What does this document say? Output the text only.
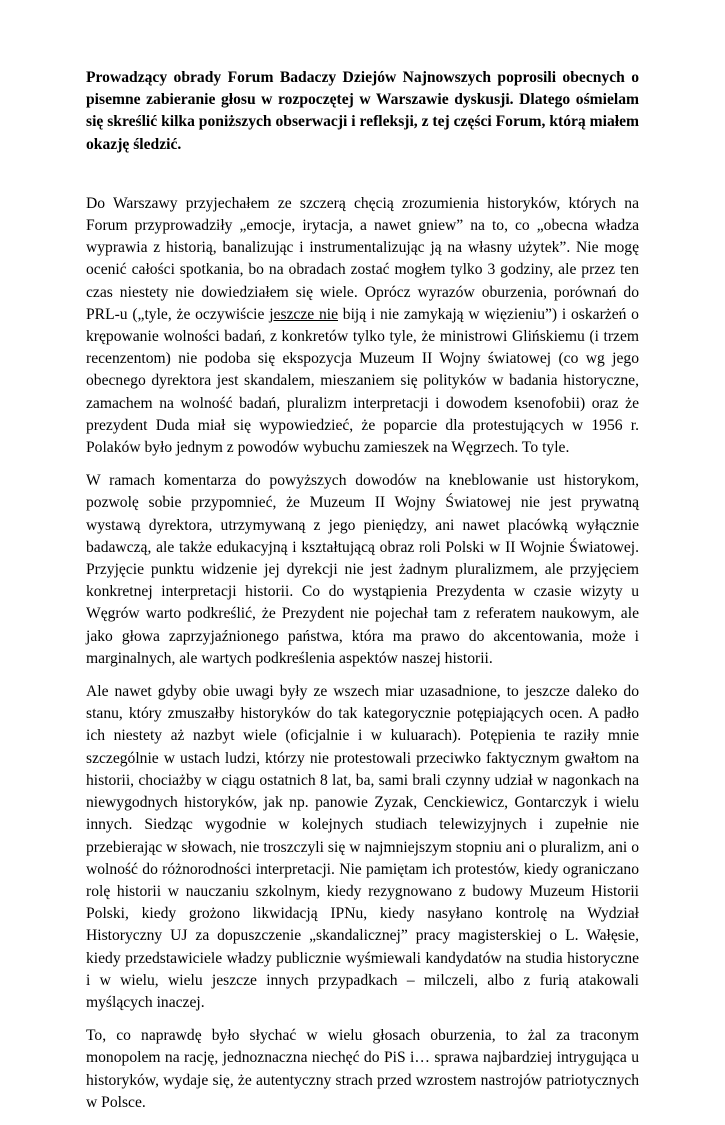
Prowadzący obrady Forum Badaczy Dziejów Najnowszych poprosili obecnych o pisemne zabieranie głosu w rozpoczętej w Warszawie dyskusji. Dlatego ośmielam się skreślić kilka poniższych obserwacji i refleksji, z tej części Forum, którą miałem okazję śledzić.

Do Warszawy przyjechałem ze szczerą chęcią zrozumienia historyków, których na Forum przyprowadziły „emocje, irytacja, a nawet gniew” na to, co „obecna władza wyprawia z historią, banalizując i instrumentalizując ją na własny użytek”. Nie mogę ocenić całości spotkania, bo na obradach zostać mogłem tylko 3 godziny, ale przez ten czas niestety nie dowiedziałem się wiele. Oprócz wyrazów oburzenia, porównań do PRL-u („tyle, że oczywiście jeszcze nie biją i nie zamykają w więzieniu”) i oskarżeń o krępowanie wolności badań, z konkretów tylko tyle, że ministrowi Glińskiemu (i trzem recenzentom) nie podoba się ekspozycja Muzeum II Wojny światowej (co wg jego obecnego dyrektora jest skandalem, mieszaniem się polityków w badania historyczne, zamachem na wolność badań, pluralizm interpretacji i dowodem ksenofobii) oraz że prezydent Duda miał się wypowiedzieć, że poparcie dla protestujących w 1956 r. Polaków było jednym z powodów wybuchu zamieszek na Węgrzech. To tyle.

W ramach komentarza do powyższych dowodów na kneblowanie ust historykom, pozwolę sobie przypomnieć, że Muzeum II Wojny Światowej nie jest prywatną wystawą dyrektora, utrzymywaną z jego pieniędzy, ani nawet placówką wyłącznie badawczą, ale także edukacyjną i kształtującą obraz roli Polski w II Wojnie Światowej. Przyjęcie punktu widzenie jej dyrekcji nie jest żadnym pluralizmem, ale przyjęciem konkretnej interpretacji historii. Co do wystąpienia Prezydenta w czasie wizyty u Węgrów warto podkreślić, że Prezydent nie pojechał tam z referatem naukowym, ale jako głowa zaprzyjaźnionego państwa, która ma prawo do akcentowania, może i marginalnych, ale wartych podkreślenia aspektów naszej historii.

Ale nawet gdyby obie uwagi były ze wszech miar uzasadnione, to jeszcze daleko do stanu, który zmuszałby historyków do tak kategorycznie potępiających ocen. A padło ich niestety aż nazbyt wiele (oficjalnie i w kuluarach). Potępienia te raziły mnie szczególnie w ustach ludzi, którzy nie protestowali przeciwko faktycznym gwałtom na historii, chociażby w ciągu ostatnich 8 lat, ba, sami brali czynny udział w nagonkach na niewygodnych historyków, jak np. panowie Zyzak, Cenckiewicz, Gontarczyk i wielu innych. Siedząc wygodnie w kolejnych studiach telewizyjnych i zupełnie nie przebierając w słowach, nie troszczyli się w najmniejszym stopniu ani o pluralizm, ani o wolność do różnorodności interpretacji. Nie pamiętam ich protestów, kiedy ograniczano rolę historii w nauczaniu szkolnym, kiedy rezygnowano z budowy Muzeum Historii Polski, kiedy grożono likwidacją IPNu, kiedy nasyłano kontrolę na Wydział Historyczny UJ za dopuszczenie „skandalicznej” pracy magisterskiej o L. Wałęsie, kiedy przedstawiciele władzy publicznie wyśmiewali kandydatów na studia historyczne i w wielu, wielu jeszcze innych przypadkach – milczeli, albo z furią atakowali myślących inaczej.

To, co naprawdę było słychać w wielu głosach oburzenia, to żal za traconym monopolem na rację, jednoznaczna niechęć do PiS i… sprawa najbardziej intrygująca u historyków, wydaje się, że autentyczny strach przed wzrostem nastrojów patriotycznych w Polsce.
